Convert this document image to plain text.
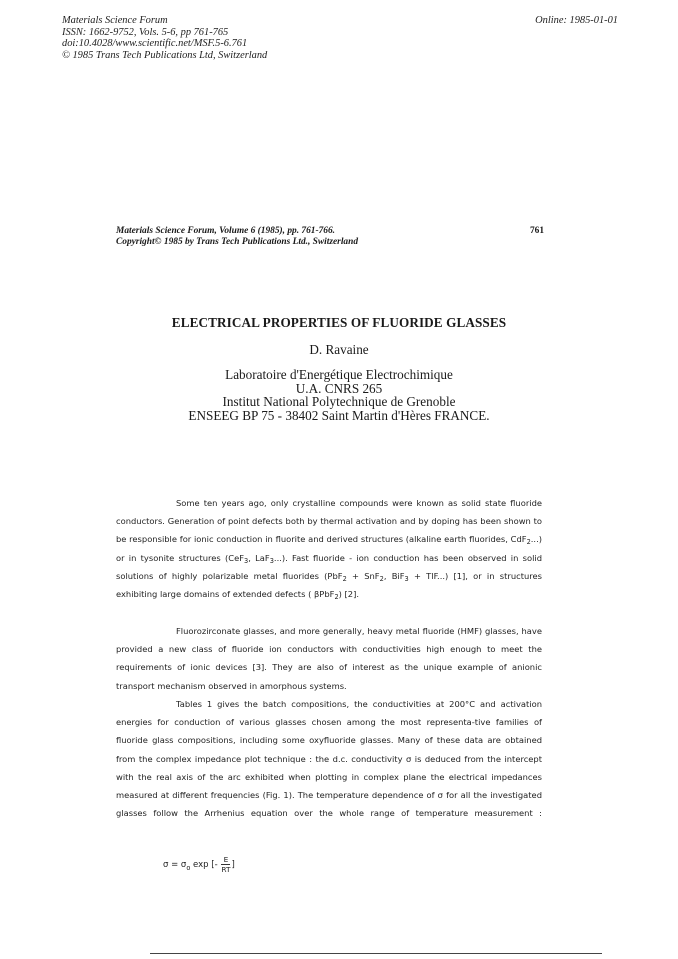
Materials Science Forum
ISSN: 1662-9752, Vols. 5-6, pp 761-765
doi:10.4028/www.scientific.net/MSF.5-6.761
© 1985 Trans Tech Publications Ltd, Switzerland
Online: 1985-01-01
Materials Science Forum, Volume 6 (1985), pp. 761-766.
Copyright© 1985 by Trans Tech Publications Ltd., Switzerland
761
ELECTRICAL PROPERTIES OF FLUORIDE GLASSES
D. Ravaine
Laboratoire d'Energétique Electrochimique
U.A. CNRS 265
Institut National Polytechnique de Grenoble
ENSEEG BP 75 - 38402 Saint Martin d'Hères FRANCE.

Some ten years ago, only crystalline compounds were known as solid state fluoride conductors. Generation of point defects both by thermal activation and by doping has been shown to be responsible for ionic conduction in fluorite and derived structures (alkaline earth fluorides, CdF$_2$...) or in tysonite structures (CeF$_3$, LaF$_3$...). Fast fluoride - ion conduction has been observed in solid solutions of highly polarizable metal fluorides (PbF$_2$ + SnF$_2$, BiF$_3$ + TlF...) [1], or in structures exhibiting large domains of extended defects ( βPbF$_2$) [2].

Fluorozirconate glasses, and more generally, heavy metal fluoride (HMF) glasses, have provided a new class of fluoride ion conductors with conductivities high enough to meet the requirements of ionic devices [3]. They are also of interest as the unique example of anionic transport mechanism observed in amorphous systems.

Tables 1 gives the batch compositions, the conductivities at 200°C and activation energies for conduction of various glasses chosen among the most representa-tive families of fluoride glass compositions, including some oxyfluoride glasses. Many of these data are obtained from the complex impedance plot technique : the d.c. conductivity σ is deduced from the intercept with the real axis of the arc exhibited when plotting in complex plane the electrical impedances measured at different frequencies (Fig. 1). The temperature dependence of σ for all the investigated glasses follow the Arrhenius equation over the whole range of temperature measurement :

$\sigma = \sigma_o$ exp [- $\frac{E}{RT}$ ]
